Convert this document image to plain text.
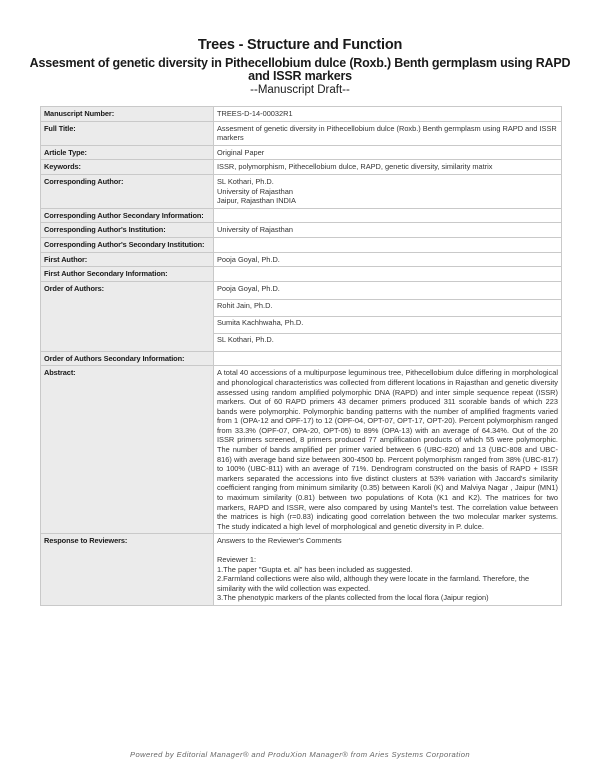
Trees - Structure and Function
Assesment of genetic diversity in Pithecellobium dulce (Roxb.) Benth germplasm using RAPD and ISSR markers
--Manuscript Draft--
Manuscript Number:	TREES-D-14-00032R1
Full Title:	Assesment of genetic diversity in Pithecellobium dulce (Roxb.) Benth germplasm using RAPD and ISSR markers
Article Type:	Original Paper
Keywords:	ISSR, polymorphism, Pithecellobium dulce, RAPD, genetic diversity, similarity matrix
Corresponding Author:	SL Kothari, Ph.D.
University of Rajasthan
Jaipur, Rajasthan INDIA

Corresponding Author Secondary Information:	
Corresponding Author's Institution:	University of Rajasthan
Corresponding Author's Secondary Institution:	
First Author:	Pooja Goyal, Ph.D.
First Author Secondary Information:	
Order of Authors:	Pooja Goyal, Ph.D.
Rohit Jain, Ph.D.
Sumita Kachhwaha, Ph.D.
SL Kothari, Ph.D.

Order of Authors Secondary Information:	
Abstract:	A total 40 accessions of a multipurpose leguminous tree, Pithecellobium dulce differing in morphological and phonological characteristics was collected from different locations in Rajasthan and genetic diversity assessed using random amplified polymorphic DNA (RAPD) and inter simple sequence repeat (ISSR) markers. Out of 60 RAPD primers 43 decamer primers produced 311 scorable bands of which 223 bands were polymorphic. Polymorphic banding patterns with the number of amplified fragments varied from 1 (OPA-12 and OPF-17) to 12 (OPF-04, OPT-07, OPT-17, OPT-20). Percent polymorphism ranged from 33.3% (OPF-07, OPA-20, OPT-05) to 89% (OPA-13) with an average of 64.34%. Out of the 20 ISSR primers screened, 8 primers produced 77 amplification products of which 55 were polymorphic. The number of bands amplified per primer varied between 6 (UBC-820) and 13 (UBC-808 and UBC-816) with average band size between 300-4500 bp. Percent polymorphism ranged from 38% (UBC-817) to 100% (UBC-811) with an average of 71%. Dendrogram constructed on the basis of RAPD + ISSR markers separated the accessions into five distinct clusters at 53% variation with Jaccard's similarity coefficient ranging from minimum similarity (0.35) between Karoli (K) and Malviya Nagar , Jaipur (MN1) to maximum similarity (0.81) between two populations of Kota (K1 and K2). The matrices for two markers, RAPD and ISSR, were also compared by using Mantel's test. The correlation value between the matrices is high (r=0.83) indicating good correlation between the two molecular marker systems. The study indicated a high level of morphological and genetic diversity in P. dulce.
Response to Reviewers:	Answers to the Reviewer's Comments
Reviewer 1:
1.The paper "Gupta et. al" has been included as suggested.
2.Farmland collections were also wild, although they were locate in the farmland. Therefore, the similarity with the wild collection was expected.
3.The phenotypic markers of the plants collected from the local flora (Jaipur region)
Powered by Editorial Manager® and ProduXion Manager® from Aries Systems Corporation
